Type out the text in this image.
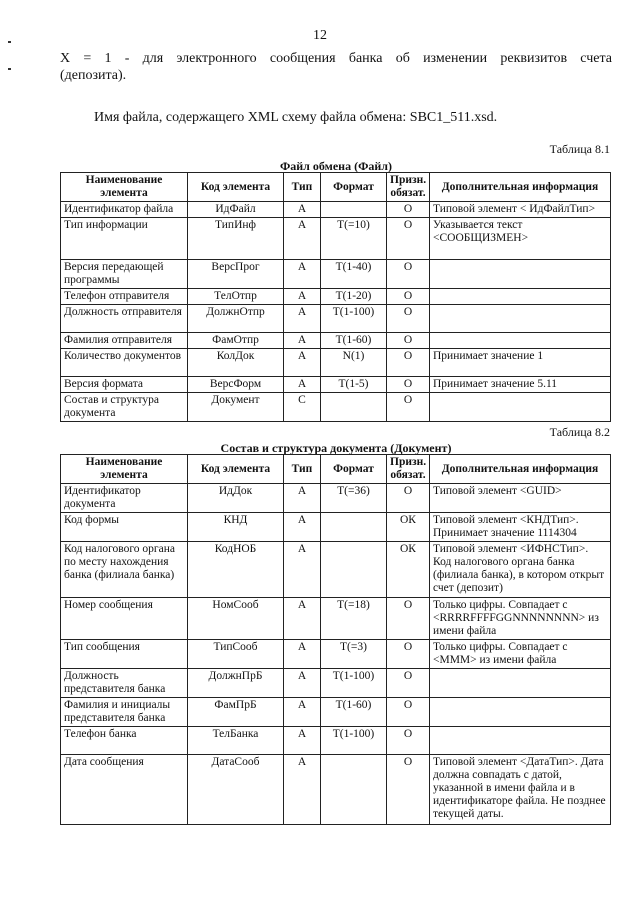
12
X = 1 - для электронного сообщения банка об изменении реквизитов счета
(депозита).
Имя файла, содержащего XML схему файла обмена: SBC1_511.xsd.
Таблица 8.1
Файл обмена (Файл)
Наименование элемента	Код элемента	Тип	Формат	Призн. обязат.	Дополнительная информация
Идентификатор файла	ИдФайл	А		О	Типовой элемент < ИдФайлТип>
Тип информации	ТипИнф	А	Т(=10)	О	Указывается текст <СООБЩИЗМЕН>
Версия передающей программы	ВерсПрог	А	Т(1-40)	О	
Телефон отправителя	ТелОтпр	А	Т(1-20)	О	
Должность отправителя	ДолжнОтпр	А	Т(1-100)	О	
Фамилия отправителя	ФамОтпр	А	Т(1-60)	О	
Количество документов	КолДок	А	N(1)	О	Принимает значение 1
Версия формата	ВерсФорм	А	Т(1-5)	О	Принимает значение 5.11
Состав и структура документа	Документ	С		О	
Таблица 8.2
Состав и структура документа (Документ)
Наименование элемента	Код элемента	Тип	Формат	Призн. обязат.	Дополнительная информация
Идентификатор документа	ИдДок	А	Т(=36)	О	Типовой элемент <GUID>
Код формы	КНД	А		ОК	Типовой элемент <КНДТип>. Принимает значение 1114304
Код налогового органа по месту нахождения банка (филиала банка)	КодНОБ	А		ОК	Типовой элемент <ИФНСТип>. Код налогового органа банка (филиала банка), в котором открыт счет (депозит)
Номер сообщения	НомСооб	А	Т(=18)	О	Только цифры. Совпадает с <RRRRFFFFGGNNNNNNNN> из имени файла
Тип сообщения	ТипСооб	А	Т(=3)	О	Только цифры. Совпадает с <МММ> из имени файла
Должность представителя банка	ДолжнПрБ	А	Т(1-100)	О	
Фамилия и инициалы представителя банка	ФамПрБ	А	Т(1-60)	О	
Телефон банка	ТелБанка	А	Т(1-100)	О	
Дата сообщения	ДатаСооб	А		О	Типовой элемент <ДатаТип>. Дата должна совпадать с датой, указанной в имени файла и в идентификаторе файла. Не позднее текущей даты.
